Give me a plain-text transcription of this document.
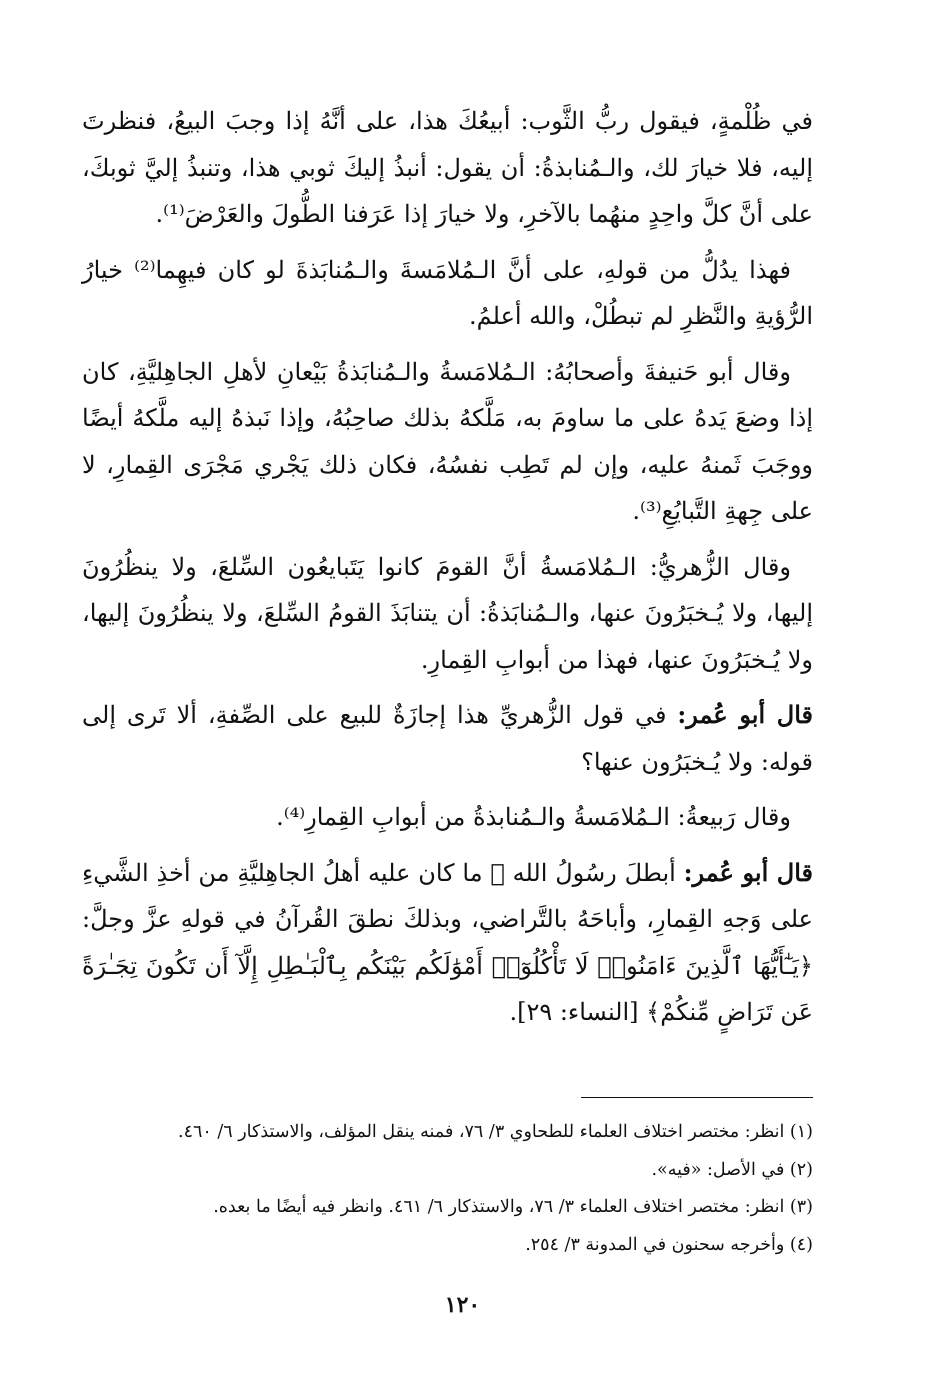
في ظُلْمةٍ، فيقول ربُّ الثَّوب: أبيعُكَ هذا، على أنَّهُ إذا وجبَ البيعُ، فنظرتَ إليه، فلا خيارَ لك، والـمُنابذةُ: أن يقول: أنبذُ إليكَ ثوبي هذا، وتنبذُ إليَّ ثوبكَ، على أنَّ كلَّ واحِدٍ منهُما بالآخرِ، ولا خيارَ إذا عَرَفنا الطُّولَ والعَرْضَ⁽¹⁾.

فهذا يدُلُّ من قولهِ، على أنَّ الـمُلامَسةَ والـمُنابَذةَ لو كان فيهِما⁽²⁾ خيارُ الرُّؤيةِ والنَّظرِ لم تبطُلْ، والله أعلمُ.

وقال أبو حَنيفةَ وأصحابُهُ: الـمُلامَسةُ والـمُنابَذةُ بَيْعانِ لأهلِ الجاهِليَّةِ، كان إذا وضعَ يَدهُ على ما ساومَ به، مَلَّكهُ بذلك صاحِبُهُ، وإذا نَبذهُ إليه ملَّكهُ أيضًا ووجَبَ ثَمنهُ عليه، وإن لم تَطِب نفسُهُ، فكان ذلك يَجْري مَجْرَى القِمارِ، لا على جِهةِ التَّبايُعِ⁽³⁾.

وقال الزُّهريُّ: الـمُلامَسةُ أنَّ القومَ كانوا يَتَبايعُون السِّلعَ، ولا ينظُرُونَ إليها، ولا يُـخبَرُونَ عنها، والـمُنابَذةُ: أن يتنابَذَ القومُ السِّلعَ، ولا ينظُرُونَ إليها، ولا يُـخبَرُونَ عنها، فهذا من أبوابِ القِمارِ.

قال أبو عُمر: في قول الزُّهريِّ هذا إجازَةٌ للبيع على الصِّفةِ، ألا تَرى إلى قوله: ولا يُـخبَرُون عنها؟

وقال رَبيعةُ: الـمُلامَسةُ والـمُنابذةُ من أبوابِ القِمارِ⁽⁴⁾.

قال أبو عُمر: أبطلَ رسُولُ الله ﷺ ما كان عليه أهلُ الجاهِليَّةِ من أخذِ الشَّيءِ على وَجهِ القِمارِ، وأباحَهُ بالتَّراضي، وبذلكَ نطقَ القُرآنُ في قولهِ عزَّ وجلَّ: ﴿يَـٰٓأَيُّهَا ٱلَّذِينَ ءَامَنُوا۟ لَا تَأْكُلُوٓا۟ أَمْوَٰلَكُم بَيْنَكُم بِٱلْبَـٰطِلِ إِلَّآ أَن تَكُونَ تِجَـٰرَةً عَن تَرَاضٍ مِّنكُمْ﴾ [النساء: ٢٩].

(١) انظر: مختصر اختلاف العلماء للطحاوي ٣/ ٧٦، فمنه ينقل المؤلف، والاستذكار ٦/ ٤٦٠.

(٢) في الأصل: «فيه».

(٣) انظر: مختصر اختلاف العلماء ٣/ ٧٦، والاستذكار ٦/ ٤٦١. وانظر فيه أيضًا ما بعده.

(٤) وأخرجه سحنون في المدونة ٣/ ٢٥٤.

١٢٠
